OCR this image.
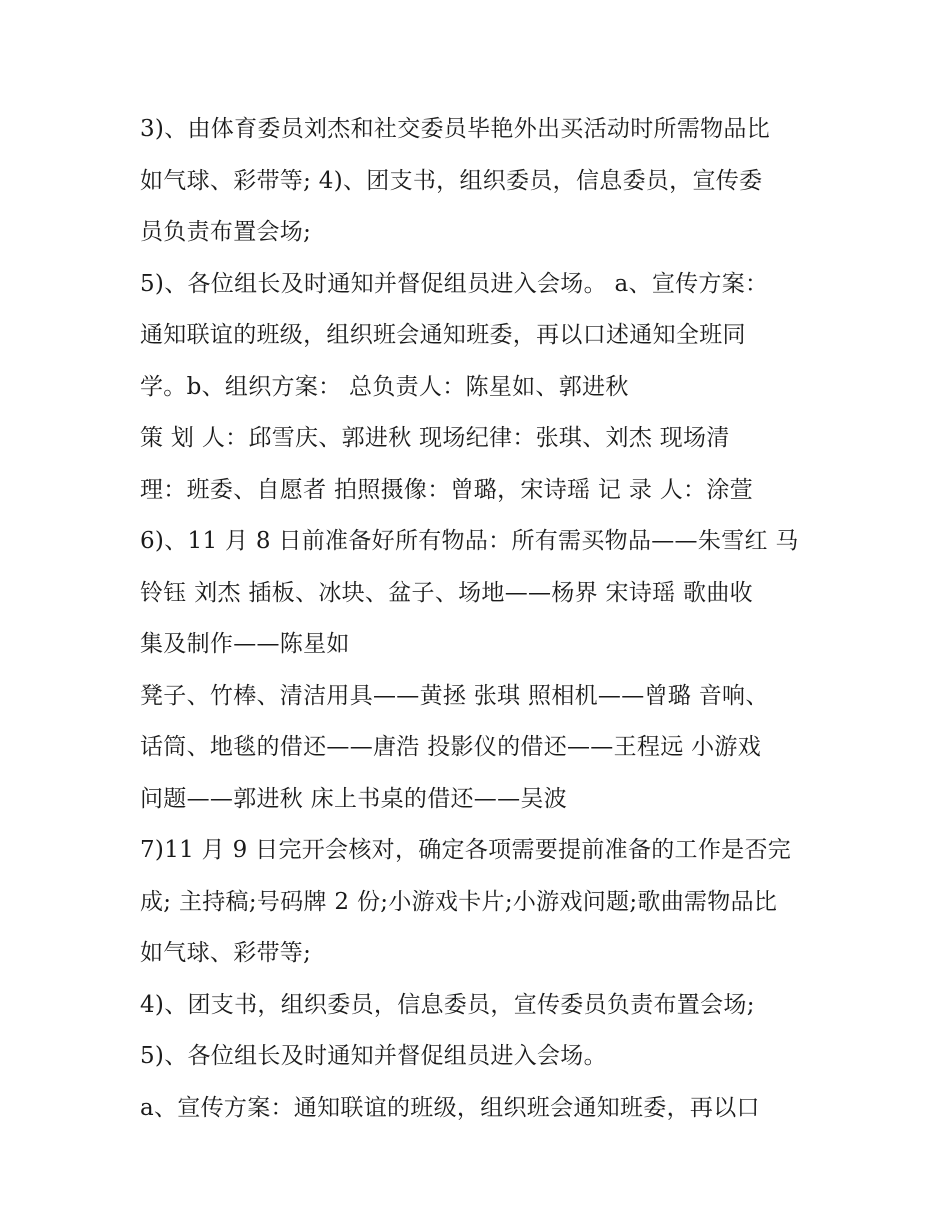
3)、由体育委员刘杰和社交委员毕艳外出买活动时所需物品比
如气球、彩带等; 4)、团支书，组织委员，信息委员，宣传委
员负责布置会场;
5)、各位组长及时通知并督促组员进入会场。 a、宣传方案：
通知联谊的班级，组织班会通知班委，再以口述通知全班同
学。b、组织方案： 总负责人：陈星如、郭进秋
策 划 人：邱雪庆、郭进秋 现场纪律：张琪、刘杰 现场清
理：班委、自愿者 拍照摄像：曾璐，宋诗瑶 记 录 人：涂萱
6)、11 月 8 日前准备好所有物品：所有需买物品——朱雪红 马
铃钰 刘杰 插板、冰块、盆子、场地——杨界 宋诗瑶 歌曲收
集及制作——陈星如
凳子、竹棒、清洁用具——黄拯 张琪 照相机——曾璐 音响、
话筒、地毯的借还——唐浩 投影仪的借还——王程远 小游戏
问题——郭进秋 床上书桌的借还——吴波
7)11 月 9 日完开会核对，确定各项需要提前准备的工作是否完
成; 主持稿;号码牌 2 份;小游戏卡片;小游戏问题;歌曲需物品比
如气球、彩带等;
4)、团支书，组织委员，信息委员，宣传委员负责布置会场;
5)、各位组长及时通知并督促组员进入会场。
a、宣传方案：通知联谊的班级，组织班会通知班委，再以口
